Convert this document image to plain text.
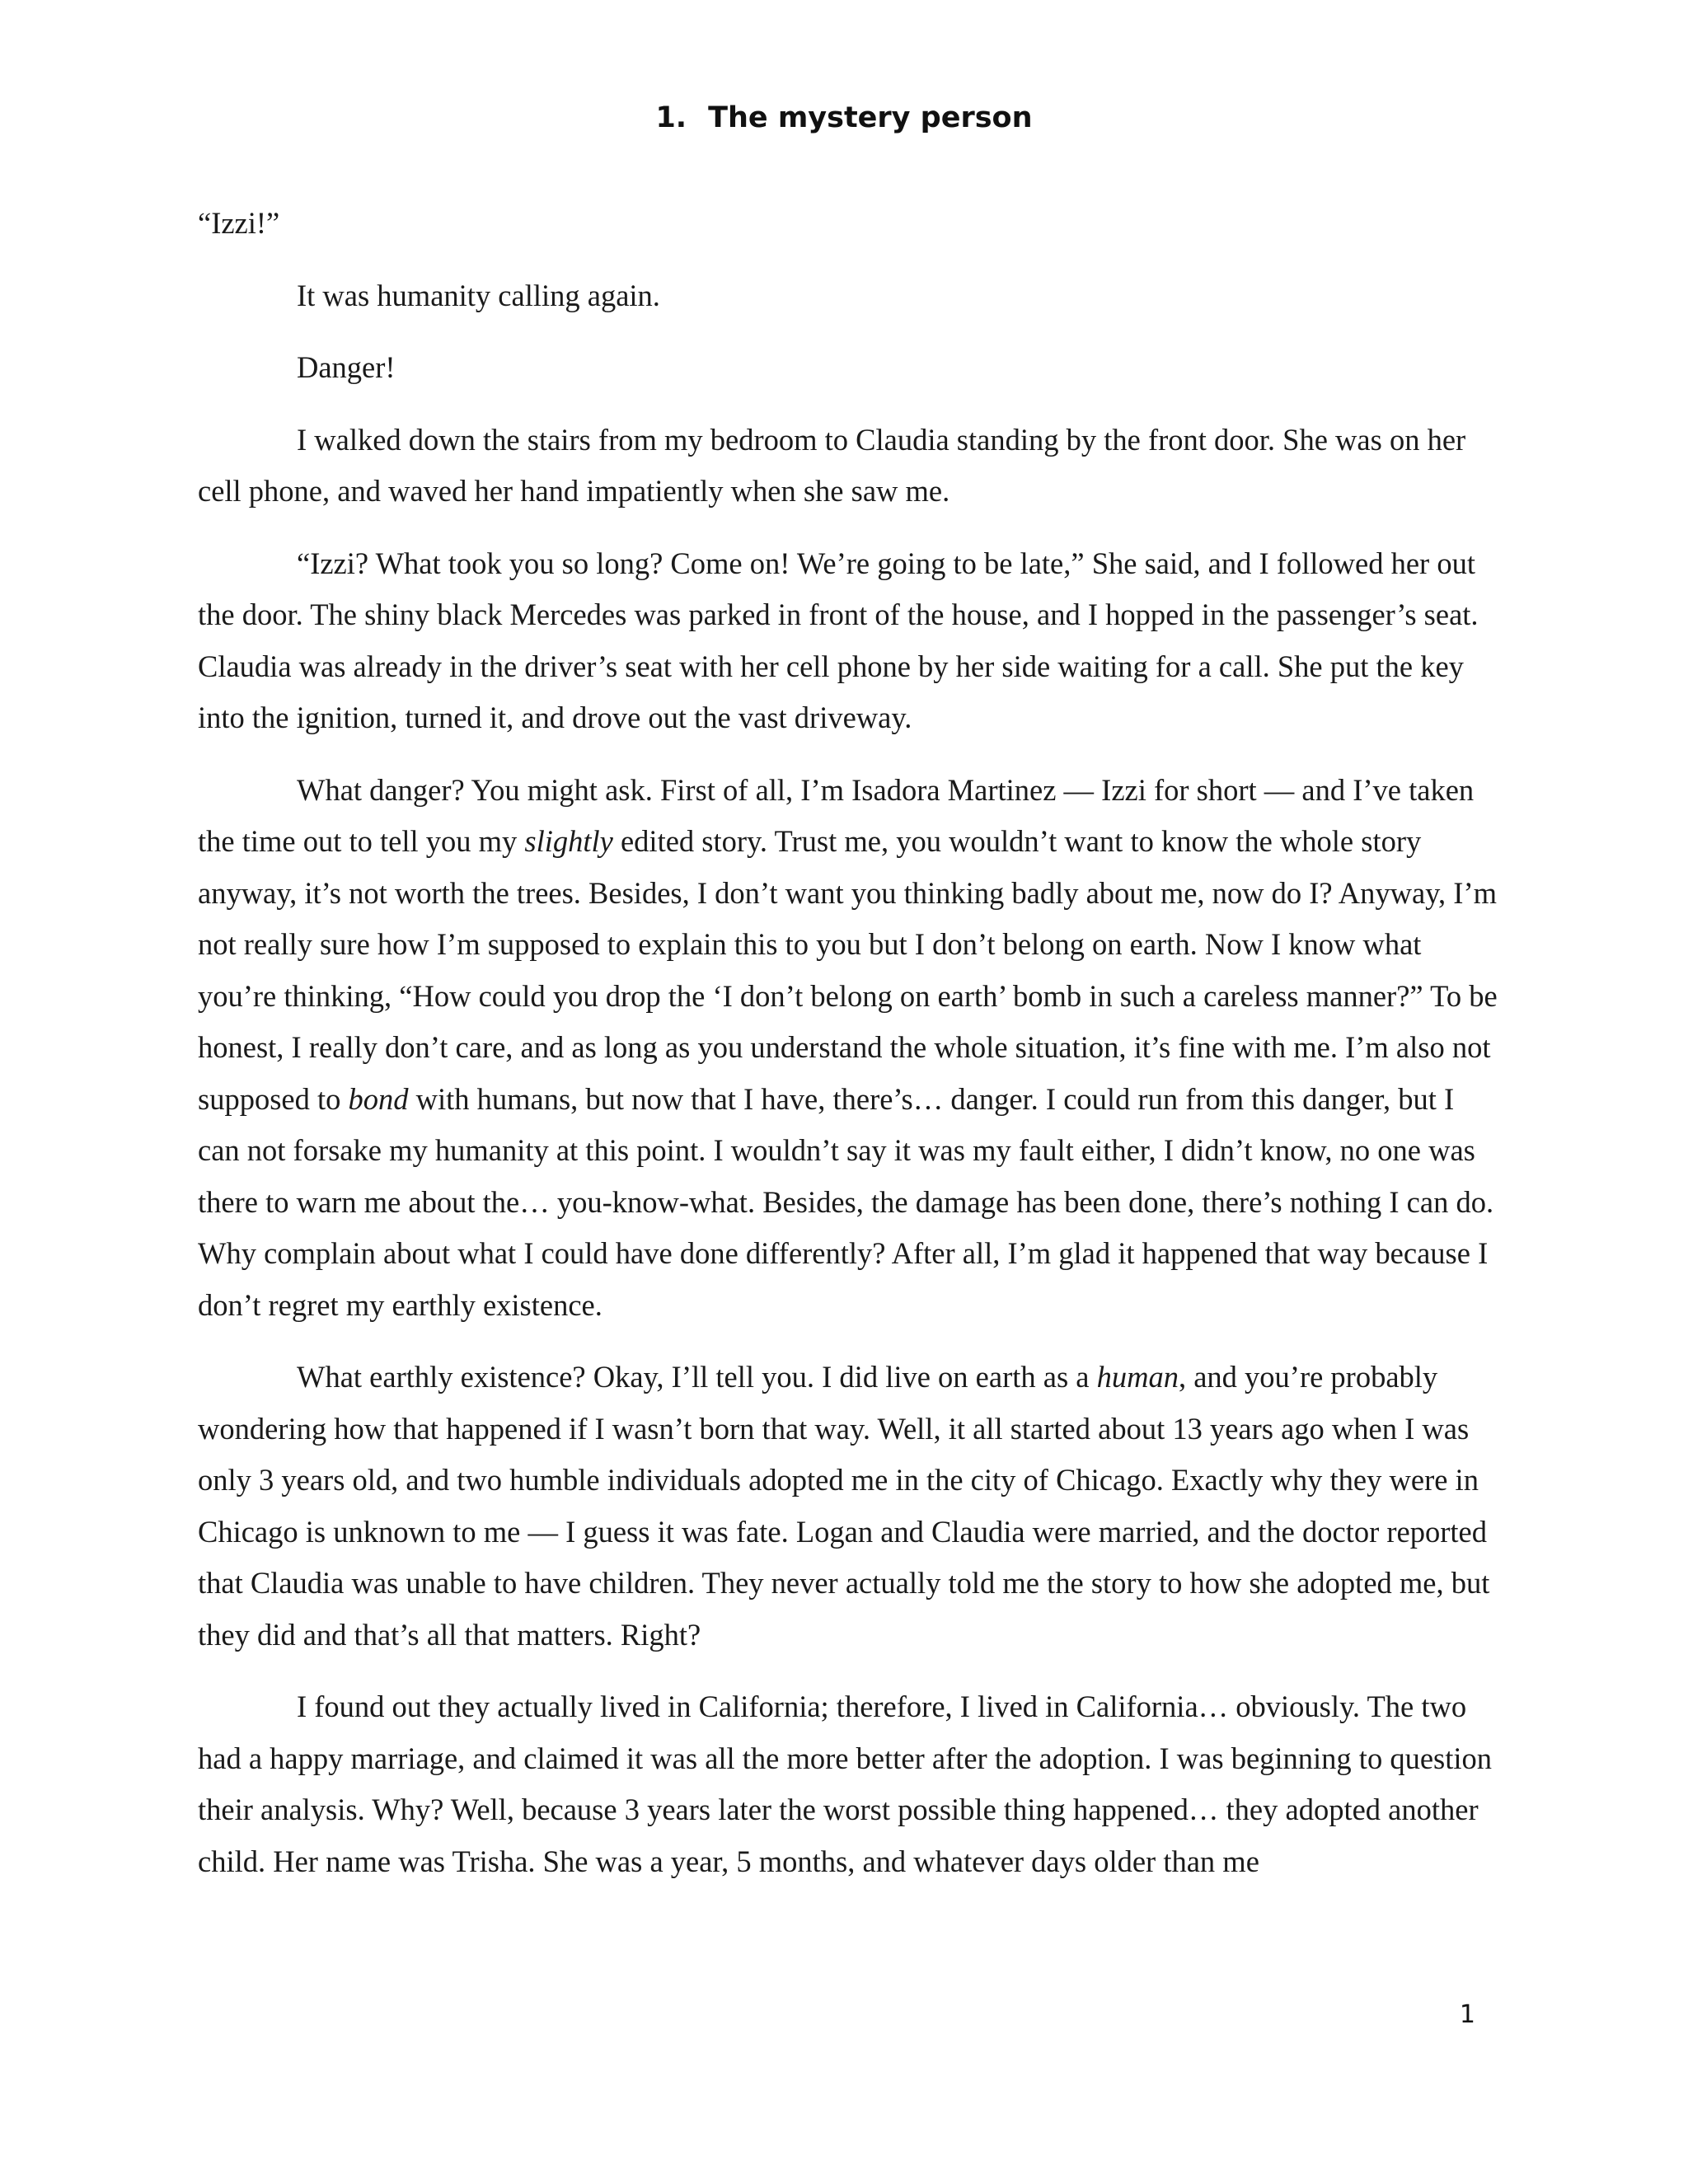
1. The mystery person

“Izzi!”

It was humanity calling again.

Danger!

I walked down the stairs from my bedroom to Claudia standing by the front door. She was on her cell phone, and waved her hand impatiently when she saw me.

“Izzi? What took you so long? Come on! We’re going to be late,” She said, and I followed her out the door. The shiny black Mercedes was parked in front of the house, and I hopped in the passenger’s seat. Claudia was already in the driver’s seat with her cell phone by her side waiting for a call. She put the key into the ignition, turned it, and drove out the vast driveway.

What danger? You might ask. First of all, I’m Isadora Martinez — Izzi for short — and I’ve taken the time out to tell you my slightly edited story. Trust me, you wouldn’t want to know the whole story anyway, it’s not worth the trees. Besides, I don’t want you thinking badly about me, now do I? Anyway, I’m not really sure how I’m supposed to explain this to you but I don’t belong on earth. Now I know what you’re thinking, “How could you drop the ‘I don’t belong on earth’ bomb in such a careless manner?” To be honest, I really don’t care, and as long as you understand the whole situation, it’s fine with me. I’m also not supposed to bond with humans, but now that I have, there’s… danger. I could run from this danger, but I can not forsake my humanity at this point. I wouldn’t say it was my fault either, I didn’t know, no one was there to warn me about the… you-know-what. Besides, the damage has been done, there’s nothing I can do. Why complain about what I could have done differently? After all, I’m glad it happened that way because I don’t regret my earthly existence.

What earthly existence? Okay, I’ll tell you. I did live on earth as a human, and you’re probably wondering how that happened if I wasn’t born that way. Well, it all started about 13 years ago when I was only 3 years old, and two humble individuals adopted me in the city of Chicago. Exactly why they were in Chicago is unknown to me — I guess it was fate. Logan and Claudia were married, and the doctor reported that Claudia was unable to have children. They never actually told me the story to how she adopted me, but they did and that’s all that matters. Right?

I found out they actually lived in California; therefore, I lived in California… obviously. The two had a happy marriage, and claimed it was all the more better after the adoption. I was beginning to question their analysis. Why? Well, because 3 years later the worst possible thing happened… they adopted another child. Her name was Trisha. She was a year, 5 months, and whatever days older than me

1
